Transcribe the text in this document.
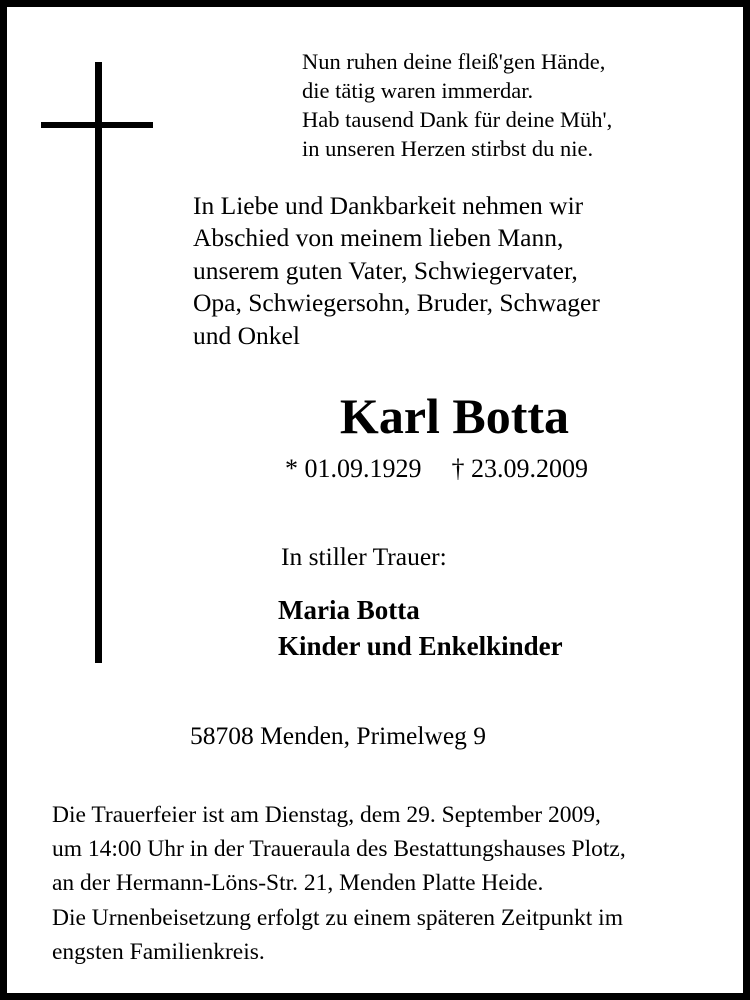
Nun ruhen deine fleiß'gen Hände,
die tätig waren immerdar.
Hab tausend Dank für deine Müh',
in unseren Herzen stirbst du nie.
In Liebe und Dankbarkeit nehmen wir
Abschied von meinem lieben Mann,
unserem guten Vater, Schwiegervater,
Opa, Schwiegersohn, Bruder, Schwager
und Onkel
Karl Botta
* 01.09.1929 † 23.09.2009
In stiller Trauer:
Maria Botta
Kinder und Enkelkinder
58708 Menden, Primelweg 9
Die Trauerfeier ist am Dienstag, dem 29. September 2009,
um 14:00 Uhr in der Traueraula des Bestattungshauses Plotz,
an der Hermann-Löns-Str. 21, Menden Platte Heide.
Die Urnenbeisetzung erfolgt zu einem späteren Zeitpunkt im
engsten Familienkreis.
